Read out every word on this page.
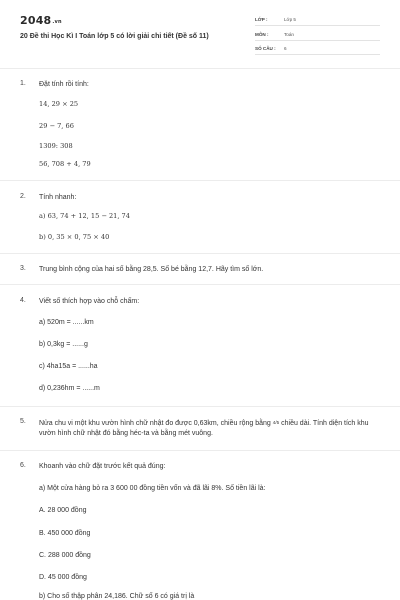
2048.vn
20 Đề thi Học Kì I Toán lớp 5 có lời giải chi tiết (Đề số 11)
LỚP :	Lớp 5
MÔN :	Toán
SỐ CÂU : 6
1. Đặt tính rồi tính:
14, 29 × 25
29 − 7, 66
1309: 308
56, 708 + 4, 79
2. Tính nhanh:
a) 63, 74 + 12, 15 − 21, 74
b) 0, 35 × 0, 75 × 40
3. Trung bình cộng của hai số bằng 28,5. Số bé bằng 12,7. Hãy tìm số lớn.
4. Viết số thích hợp vào chỗ chấm:
a) 520m = ......km
b) 0,3kg = ......g
c) 4ha15a = ......ha
d) 0,236hm = ......m
5. Nửa chu vi một khu vườn hình chữ nhật đo được 0,63km, chiều rộng bằng 4/5 chiều dài. Tính diện tích khu vườn hình chữ nhật đó bằng héc-ta và bằng mét vuông.
6. Khoanh vào chữ đặt trước kết quả đúng:
a) Một cửa hàng bỏ ra 3 600 00 đồng tiền vốn và đã lãi 8%. Số tiền lãi là:
A. 28 000 đồng
B. 450 000 đồng
C. 288 000 đồng
D. 45 000 đồng
b) Cho số thập phân 24,186. Chữ số 6 có giá trị là
